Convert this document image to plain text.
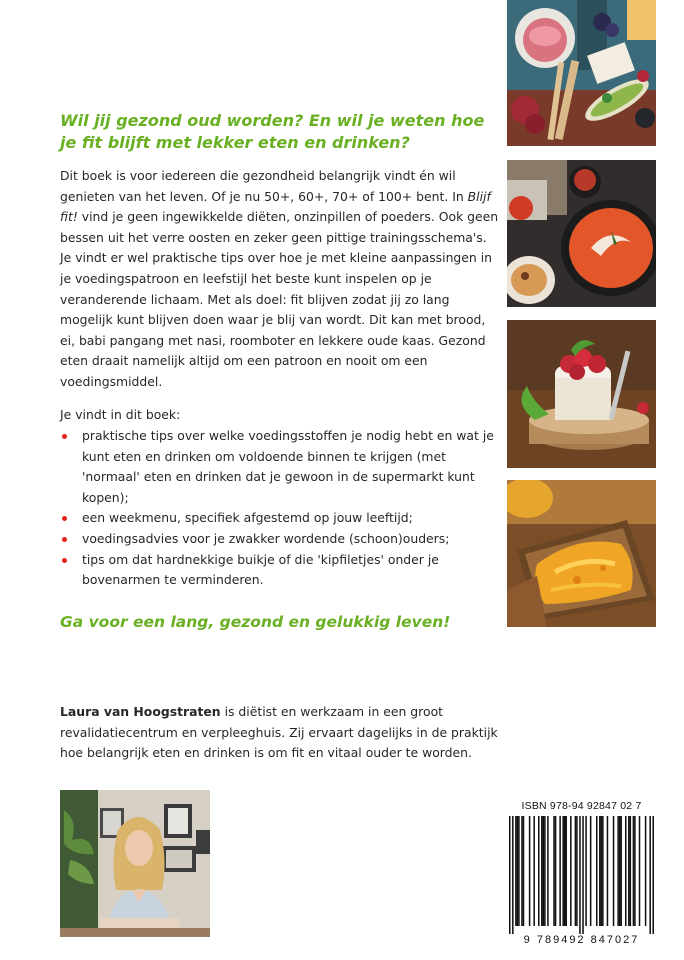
Wil jij gezond oud worden? En wil je weten hoe
je fit blijft met lekker eten en drinken?

Dit boek is voor iedereen die gezondheid belangrijk vindt én wil genieten van het leven. Of je nu 50+, 60+, 70+ of 100+ bent. In Blijf fit! vind je geen ingewikkelde diëten, onzinpillen of poeders. Ook geen bessen uit het verre oosten en zeker geen pittige trainingsschema's. Je vindt er wel praktische tips over hoe je met kleine aanpassingen in je voedingspatroon en leefstijl het beste kunt inspelen op je veranderende lichaam. Met als doel: fit blijven zodat jij zo lang mogelijk kunt blijven doen waar je blij van wordt. Dit kan met brood, ei, babi pangang met nasi, roomboter en lekkere oude kaas. Gezond eten draait namelijk altijd om een patroon en nooit om een voedingsmiddel.

Je vindt in dit boek:

praktische tips over welke voedingsstoffen je nodig hebt en wat je kunt eten en drinken om voldoende binnen te krijgen (met 'normaal' eten en drinken dat je gewoon in de supermarkt kunt kopen);
een weekmenu, specifiek afgestemd op jouw leeftijd;
voedingsadvies voor je zwakker wordende (schoon)ouders;
tips om dat hardnekkige buikje of die 'kipfiletjes' onder je bovenarmen te verminderen.

Ga voor een lang, gezond en gelukkig leven!

Laura van Hoogstraten is diëtist en werkzaam in een groot revalidatiecentrum en verpleeghuis. Zij ervaart dagelijks in de praktijk hoe belangrijk eten en drinken is om fit en vitaal ouder te worden.

ISBN 978-94 92847 02 7
9 789492 847027
